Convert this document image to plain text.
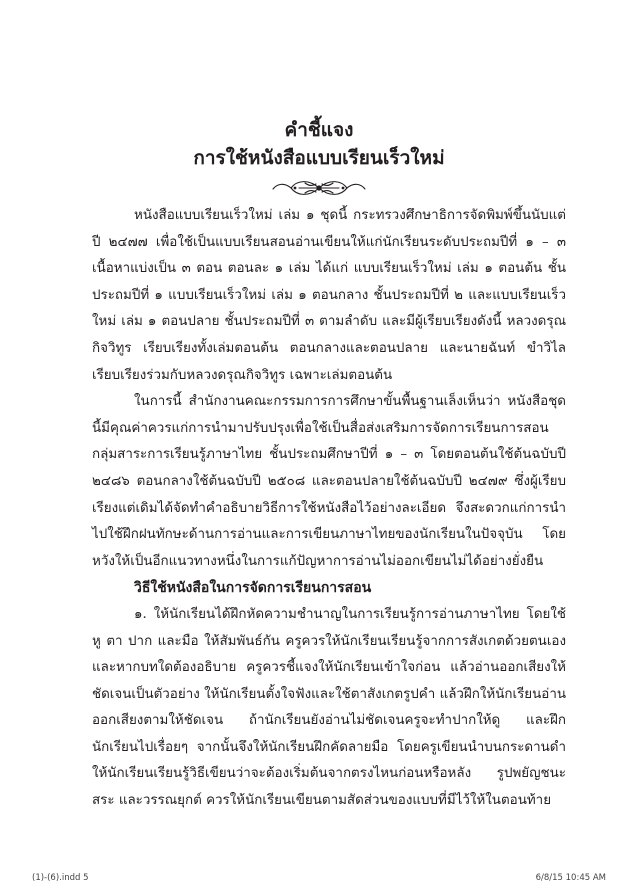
คำชี้แจง
การใช้หนังสือแบบเรียนเร็วใหม่

หนังสือแบบเรียนเร็วใหม่ เล่ม ๑ ชุดนี้ กระทรวงศึกษาธิการจัดพิมพ์ขึ้นนับแต่ปี ๒๔๗๗ เพื่อใช้เป็นแบบเรียนสอนอ่านเขียนให้แก่นักเรียนระดับประถมปีที่ ๑ – ๓ เนื้อหาแบ่งเป็น ๓ ตอน ตอนละ ๑ เล่ม ได้แก่ แบบเรียนเร็วใหม่ เล่ม ๑ ตอนต้น ชั้นประถมปีที่ ๑ แบบเรียนเร็วใหม่ เล่ม ๑ ตอนกลาง ชั้นประถมปีที่ ๒ และแบบเรียนเร็วใหม่ เล่ม ๑ ตอนปลาย ชั้นประถมปีที่ ๓ ตามลำดับ และมีผู้เรียบเรียงดังนี้ หลวงดรุณกิจวิทูร เรียบเรียงทั้งเล่มตอนต้น ตอนกลางและตอนปลาย และนายฉันท์ ขำวิไล เรียบเรียงร่วมกับหลวงดรุณกิจวิทูร เฉพาะเล่มตอนต้น

ในการนี้ สำนักงานคณะกรรมการการศึกษาขั้นพื้นฐานเล็งเห็นว่า หนังสือชุดนี้มีคุณค่าควรแก่การนำมาปรับปรุงเพื่อใช้เป็นสื่อส่งเสริมการจัดการเรียนการสอนกลุ่มสาระการเรียนรู้ภาษาไทย ชั้นประถมศึกษาปีที่ ๑ – ๓ โดยตอนต้นใช้ต้นฉบับปี ๒๔๘๖ ตอนกลางใช้ต้นฉบับปี ๒๕๐๘ และตอนปลายใช้ต้นฉบับปี ๒๔๗๙ ซึ่งผู้เรียบเรียงแต่เดิมได้จัดทำคำอธิบายวิธีการใช้หนังสือไว้อย่างละเอียด จึงสะดวกแก่การนำไปใช้ฝึกฝนทักษะด้านการอ่านและการเขียนภาษาไทยของนักเรียนในปัจจุบัน โดยหวังให้เป็นอีกแนวทางหนึ่งในการแก้ปัญหาการอ่านไม่ออกเขียนไม่ได้อย่างยั่งยืน

วิธีใช้หนังสือในการจัดการเรียนการสอน

๑. ให้นักเรียนได้ฝึกหัดความชำนาญในการเรียนรู้การอ่านภาษาไทย โดยใช้หู ตา ปาก และมือ ให้สัมพันธ์กัน ครูควรให้นักเรียนเรียนรู้จากการสังเกตด้วยตนเองและหากบทใดต้องอธิบาย ครูควรชี้แจงให้นักเรียนเข้าใจก่อน แล้วอ่านออกเสียงให้ชัดเจนเป็นตัวอย่าง ให้นักเรียนตั้งใจฟังและใช้ตาสังเกตรูปคำ แล้วฝึกให้นักเรียนอ่านออกเสียงตามให้ชัดเจน ถ้านักเรียนยังอ่านไม่ชัดเจนครูจะทำปากให้ดู และฝึกนักเรียนไปเรื่อยๆ จากนั้นจึงให้นักเรียนฝึกคัดลายมือ โดยครูเขียนนำบนกระดานดำให้นักเรียนเรียนรู้วิธีเขียนว่าจะต้องเริ่มต้นจากตรงไหนก่อนหรือหลัง รูปพยัญชนะ สระ และวรรณยุกต์ ควรให้นักเรียนเขียนตามสัดส่วนของแบบที่มีไว้ให้ในตอนท้าย

(1)-(6).indd 5	6/8/15 10:45 AM
